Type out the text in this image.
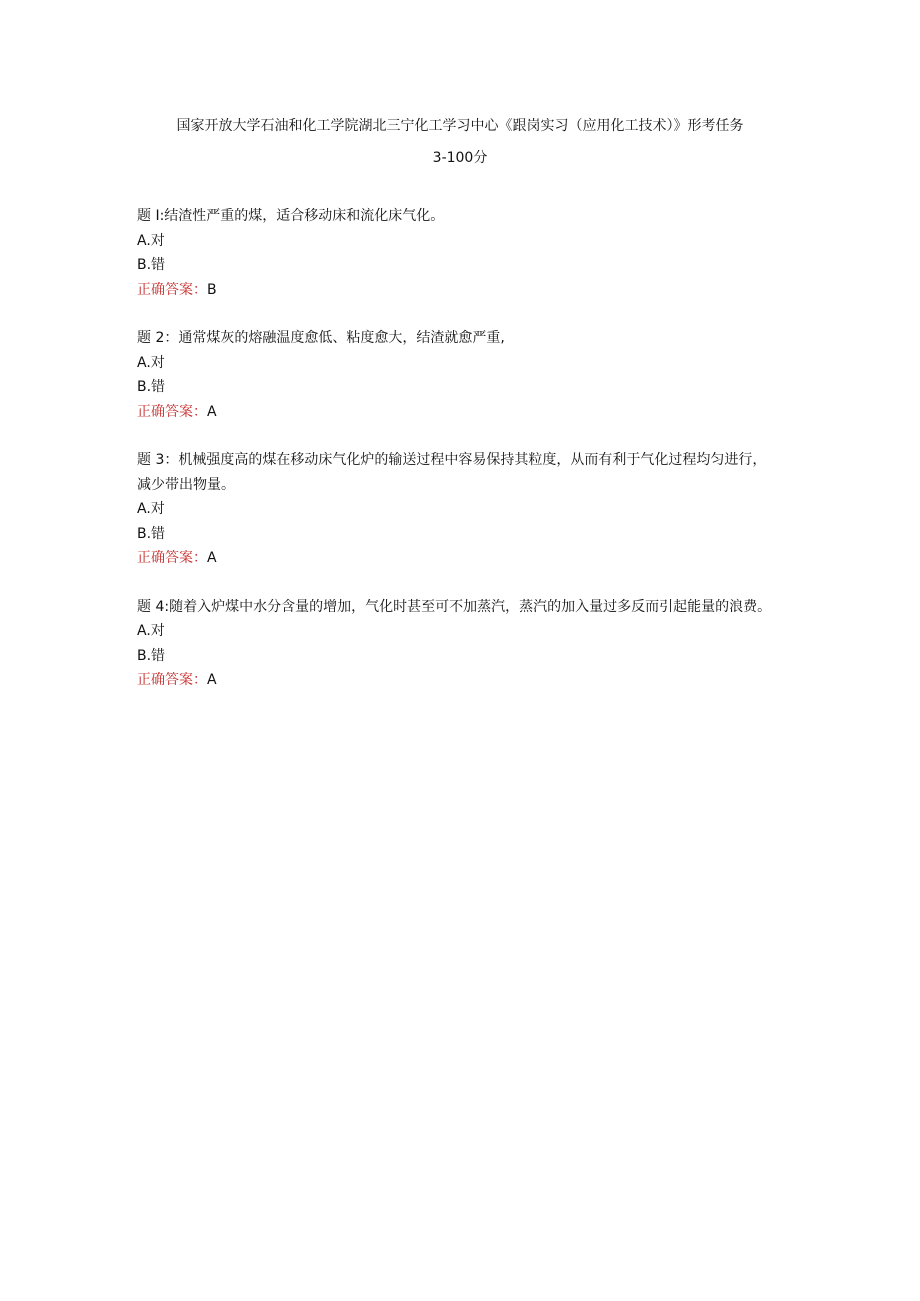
国家开放大学石油和化工学院湖北三宁化工学习中心《跟岗实习（应用化工技术）》形考任务
3-100分

题 I:结渣性严重的煤，适合移动床和流化床气化。

A.对

B.错

正确答案：B

题 2：通常煤灰的熔融温度愈低、粘度愈大，结渣就愈严重,

A.对

B.错

正确答案：A

题 3：机械强度高的煤在移动床气化炉的输送过程中容易保持其粒度，从而有利于气化过程均匀进行，减少带出物量。

A.对

B.错

正确答案：A

题 4:随着入炉煤中水分含量的增加，气化时甚至可不加蒸汽，蒸汽的加入量过多反而引起能量的浪费。

A.对

B.错

正确答案：A
